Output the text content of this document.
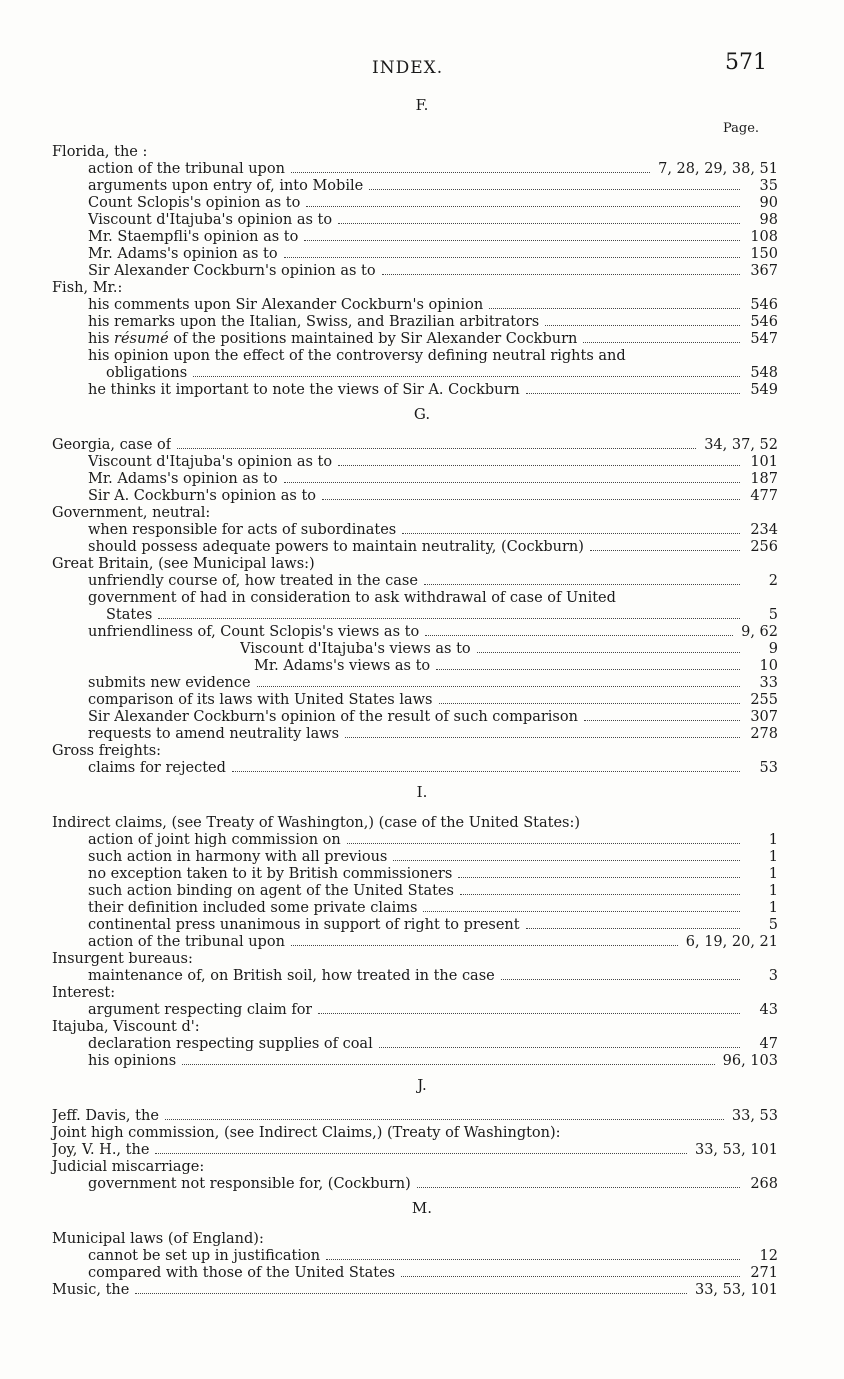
INDEX.	571
Page.
F.
Florida, the :
action of the tribunal upon	7, 28, 29, 38, 51
arguments upon entry of, into Mobile	35
Count Sclopis's opinion as to	90
Viscount d'Itajuba's opinion as to	98
Mr. Staempfli's opinion as to	108
Mr. Adams's opinion as to	150
Sir Alexander Cockburn's opinion as to	367
Fish, Mr.:
his comments upon Sir Alexander Cockburn's opinion	546
his remarks upon the Italian, Swiss, and Brazilian arbitrators	546
his résumé of the positions maintained by Sir Alexander Cockburn	547
his opinion upon the effect of the controversy defining neutral rights and
obligations	548
he thinks it important to note the views of Sir A. Cockburn	549
G.
Georgia, case of	34, 37, 52
Viscount d'Itajuba's opinion as to	101
Mr. Adams's opinion as to	187
Sir A. Cockburn's opinion as to	477
Government, neutral:
when responsible for acts of subordinates	234
should possess adequate powers to maintain neutrality, (Cockburn)	256
Great Britain, (see Municipal laws:)
unfriendly course of, how treated in the case	2
government of had in consideration to ask withdrawal of case of United
States	5
unfriendliness of, Count Sclopis's views as to	9, 62
Viscount d'Itajuba's views as to	9
Mr. Adams's views as to	10
submits new evidence	33
comparison of its laws with United States laws	255
Sir Alexander Cockburn's opinion of the result of such comparison	307
requests to amend neutrality laws	278
Gross freights:
claims for rejected	53
I.
Indirect claims, (see Treaty of Washington,) (case of the United States:)
action of joint high commission on	1
such action in harmony with all previous	1
no exception taken to it by British commissioners	1
such action binding on agent of the United States	1
their definition included some private claims	1
continental press unanimous in support of right to present	5
action of the tribunal upon	6, 19, 20, 21
Insurgent bureaus:
maintenance of, on British soil, how treated in the case	3
Interest:
argument respecting claim for	43
Itajuba, Viscount d':
declaration respecting supplies of coal	47
his opinions	96, 103
J.
Jeff. Davis, the	33, 53
Joint high commission, (see Indirect Claims,) (Treaty of Washington):
Joy, V. H., the	33, 53, 101
Judicial miscarriage:
government not responsible for, (Cockburn)	268
M.
Municipal laws (of England):
cannot be set up in justification	12
compared with those of the United States	271
Music, the	33, 53, 101
